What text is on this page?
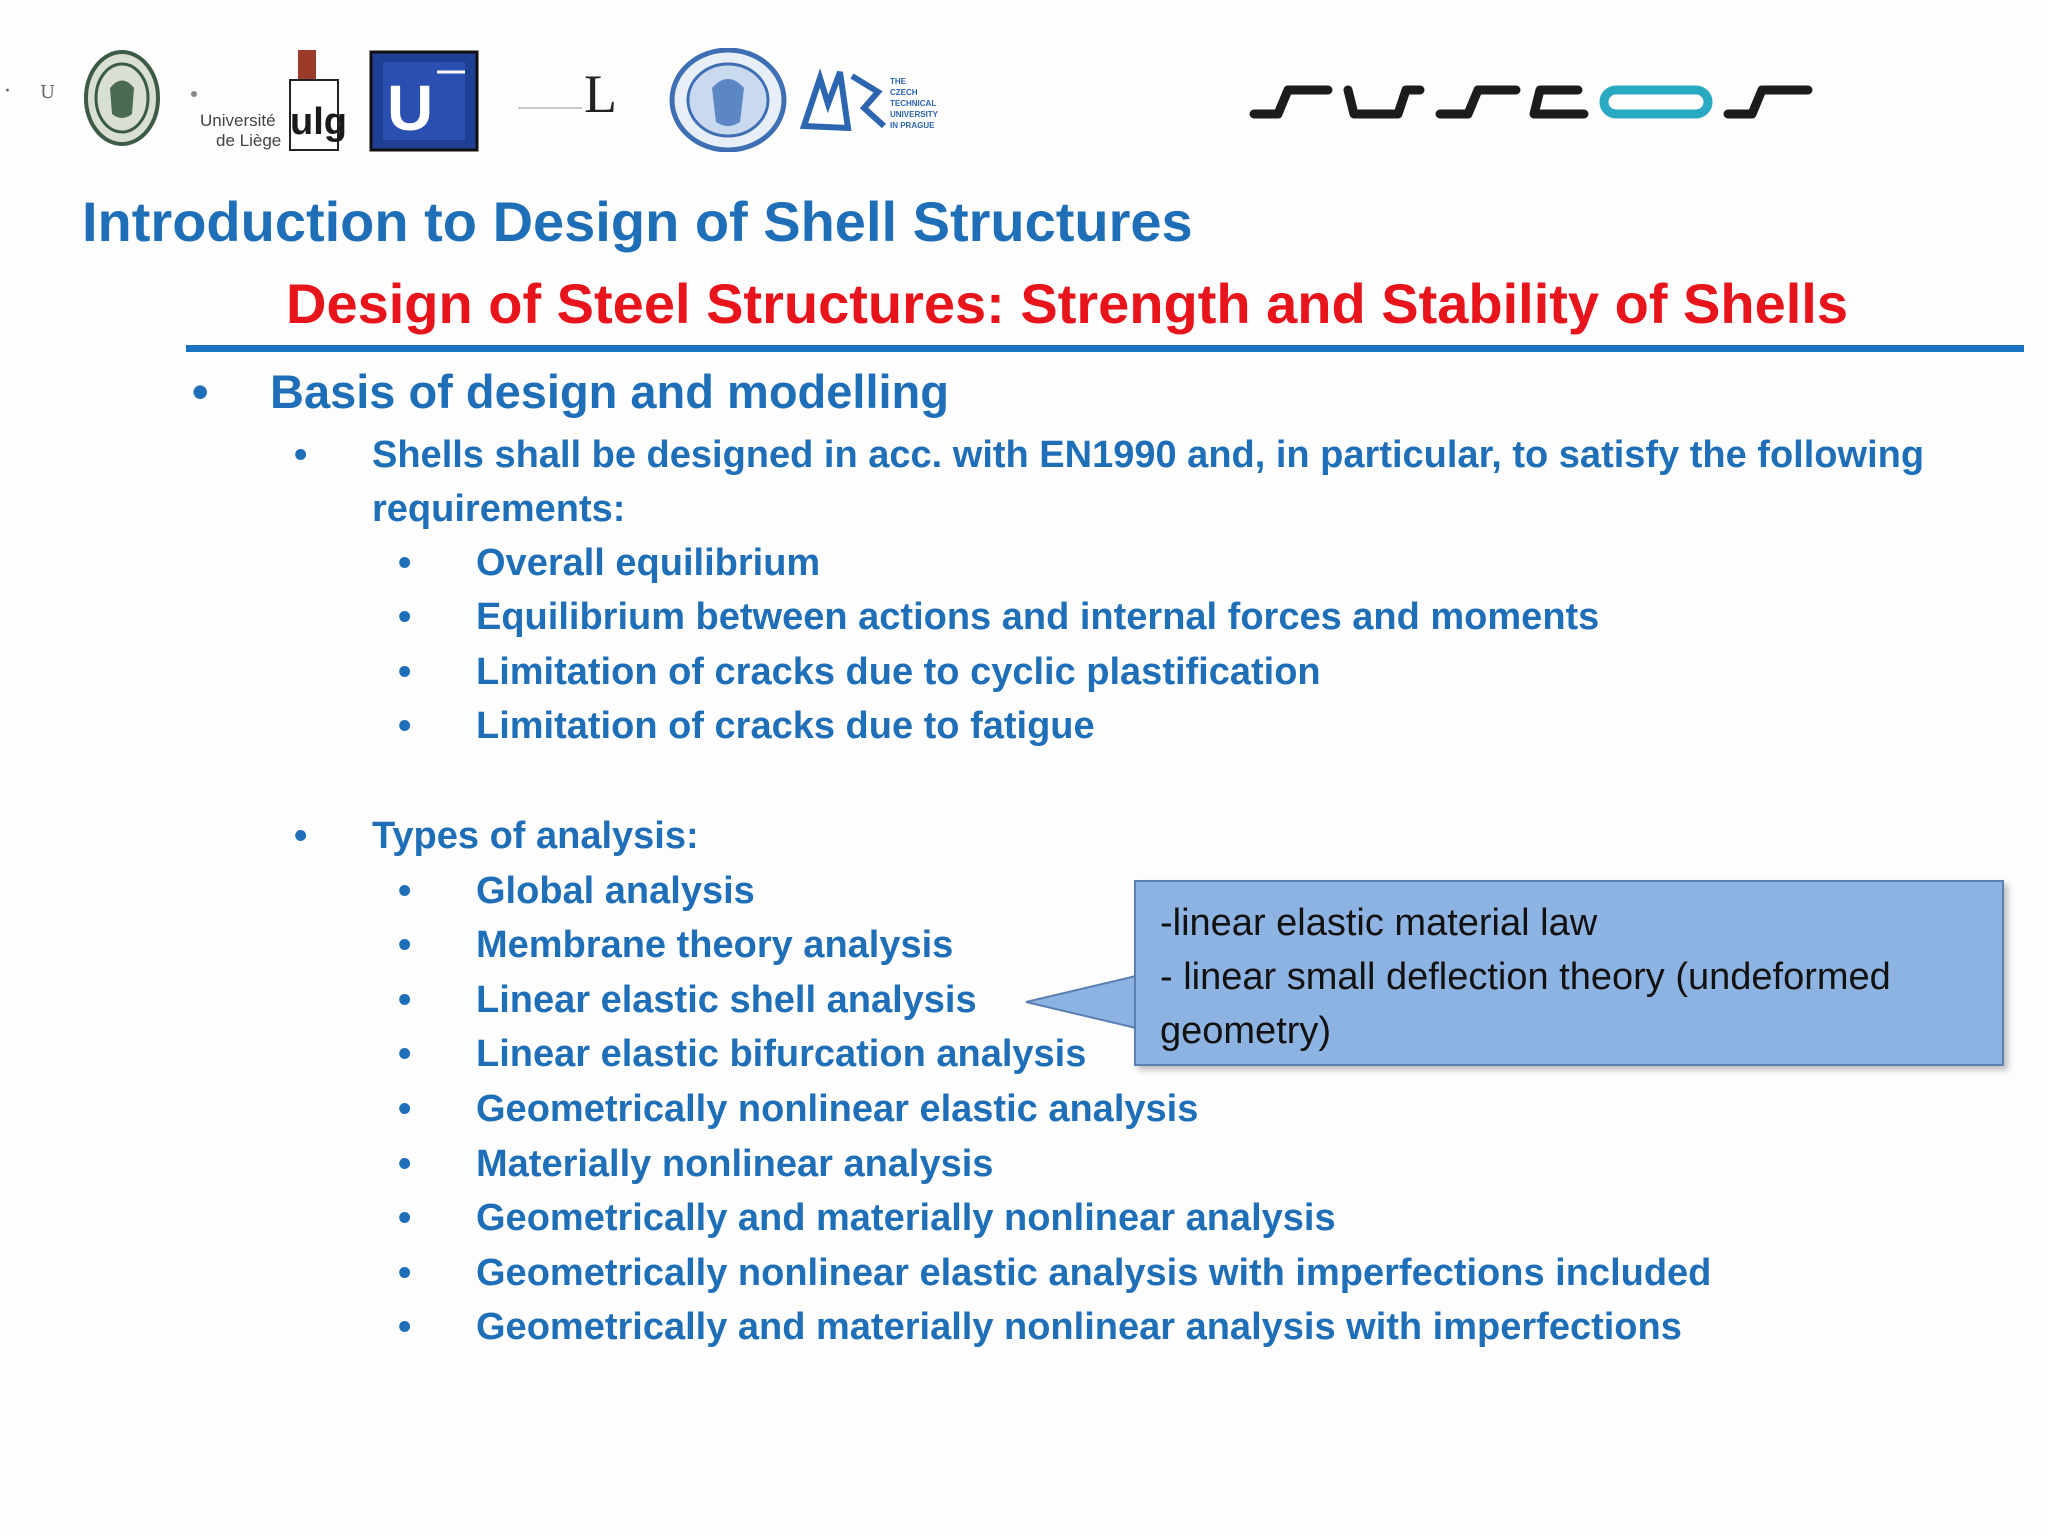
· U
Université
de Liège ulg U	L	THE
CZECH
TECHNICAL
UNIVERSITY
IN PRAGUE
Introduction to Design of Shell Structures
Design of Steel Structures: Strength and Stability of Shells
• Basis of design and modelling
• Shells shall be designed in acc. with EN1990 and, in particular, to satisfy the following
requirements:
• Overall equilibrium
• Equilibrium between actions and internal forces and moments
• Limitation of cracks due to cyclic plastification
• Limitation of cracks due to fatigue
• Types of analysis:
• Global analysis
• Membrane theory analysis
• Linear elastic shell analysis
• Linear elastic bifurcation analysis
• Geometrically nonlinear elastic analysis
• Materially nonlinear analysis
• Geometrically and materially nonlinear analysis
• Geometrically nonlinear elastic analysis with imperfections included
• Geometrically and materially nonlinear analysis with imperfections
-linear elastic material law
- linear small deflection theory (undeformed
geometry)
